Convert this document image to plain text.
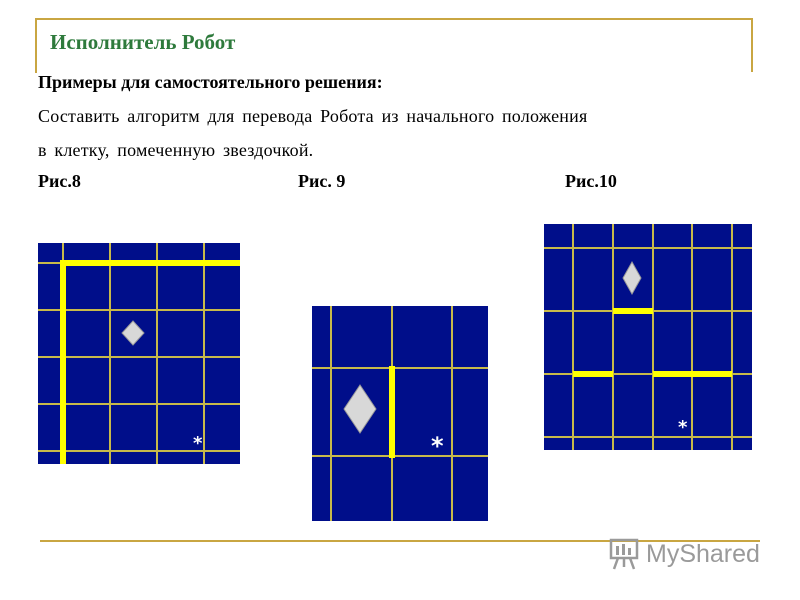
Исполнитель Робот
Примеры для самостоятельного решения:
Составить алгоритм для перевода Робота из начального положения
в клетку, помеченную звездочкой.
Рис.8	Рис. 9	Рис.10
*	*
*
MyShared
